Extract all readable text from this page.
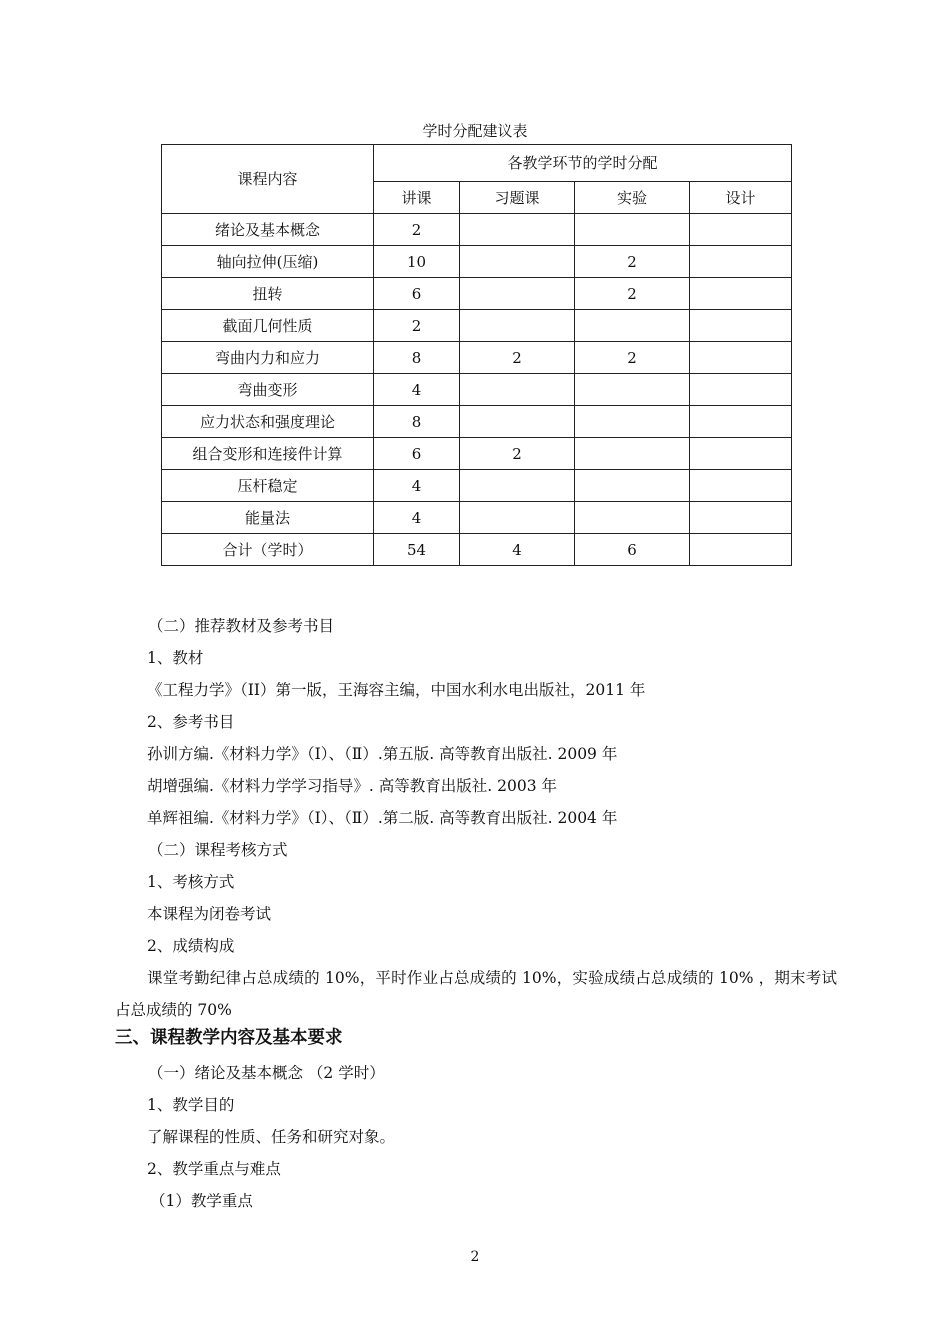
学时分配建议表
课程内容	各教学环节的学时分配			
	讲课	习题课	实验	设计
绪论及基本概念	2			
轴向拉伸(压缩)	10		2	
扭转	6		2	
截面几何性质	2			
弯曲内力和应力	8	2	2	
弯曲变形	4			
应力状态和强度理论	8			
组合变形和连接件计算	6	2		
压杆稳定	4			
能量法	4			
合计（学时）	54	4	6	
（二）推荐教材及参考书目
1、教材
《工程力学》（II）第一版，王海容主编，中国水利水电出版社，2011 年
2、参考书目
孙训方编.《材料力学》（Ⅰ）、（Ⅱ）.第五版. 高等教育出版社. 2009 年
胡增强编.《材料力学学习指导》. 高等教育出版社. 2003 年
单辉祖编.《材料力学》（Ⅰ）、（Ⅱ）.第二版. 高等教育出版社. 2004 年
（二）课程考核方式
1、考核方式
本课程为闭卷考试
2、成绩构成
课堂考勤纪律占总成绩的 10%，平时作业占总成绩的 10%，实验成绩占总成绩的 10% ，期末考试占总成绩的 70%
三、课程教学内容及基本要求
（一）绪论及基本概念 （2 学时）
1、教学目的
了解课程的性质、任务和研究对象。
2、教学重点与难点
（1）教学重点
2
